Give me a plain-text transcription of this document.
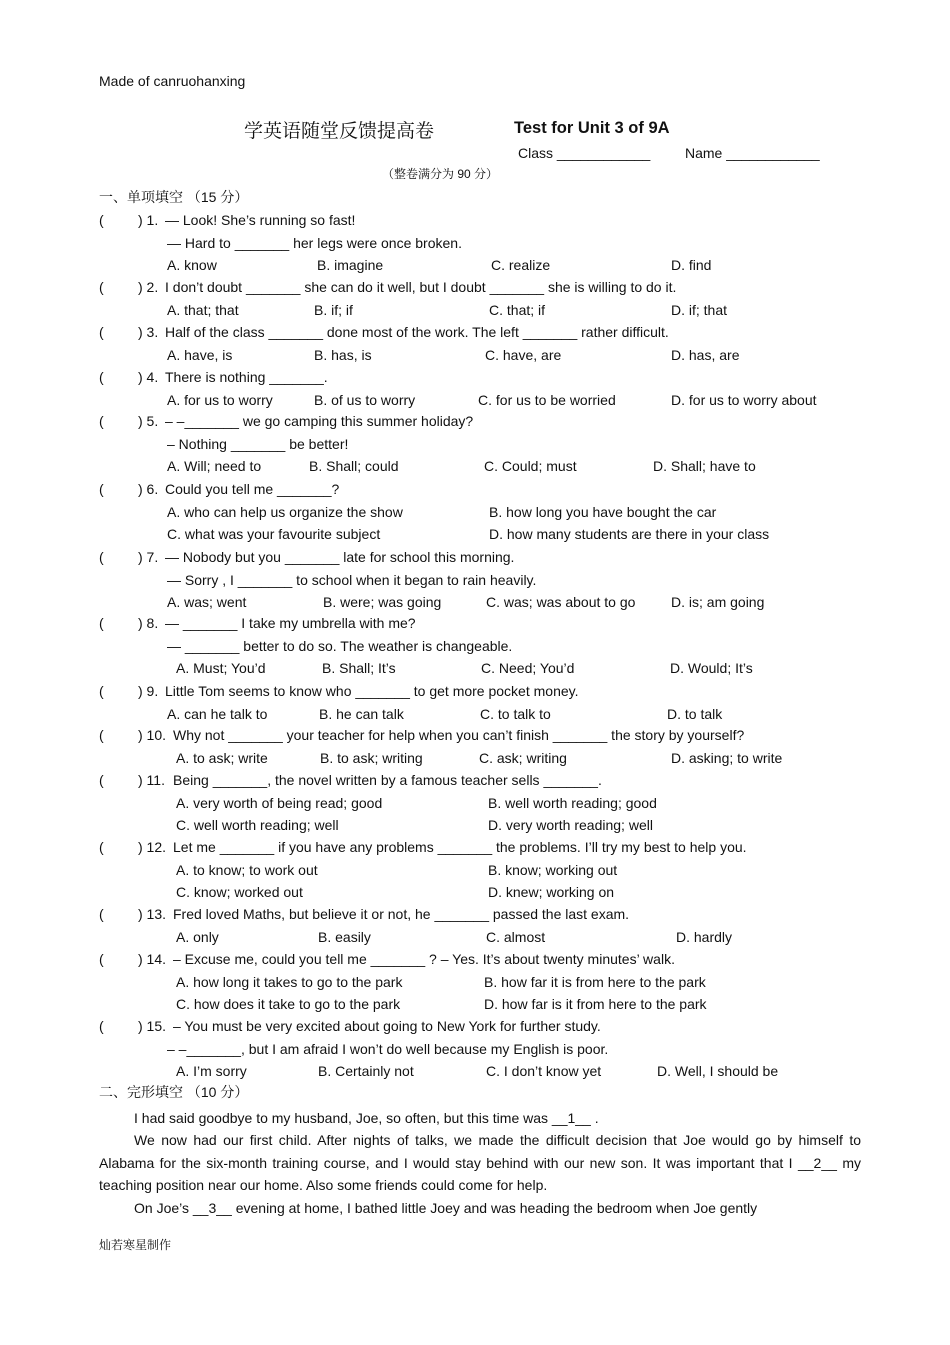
Made of canruohanxing
学英语随堂反馈提高卷	Test for Unit 3 of 9A
Class ____________ Name ____________
（整卷满分为 90 分）
一、单项填空 （15 分）
( ) 1. — Look! She’s running so fast!
— Hard to _______ her legs were once broken.
A. know	B. imagine	C. realize	D. find
( ) 2. I don’t doubt _______ she can do it well, but I doubt _______ she is willing to do it.
A. that; that	B. if; if	C. that; if	D. if; that
( ) 3. Half of the class _______ done most of the work. The left _______ rather difficult.
A. have, is	B. has, is	C. have, are	D. has, are
( ) 4. There is nothing _______.
A. for us to worry	B. of us to worry	C. for us to be worried	D. for us to worry about
( ) 5. – –_______ we go camping this summer holiday?
– Nothing _______ be better!
A. Will; need to	B. Shall; could	C. Could; must	D. Shall; have to
( ) 6. Could you tell me _______?
A. who can help us organize the show	B. how long you have bought the car
C. what was your favourite subject	D. how many students are there in your class
( ) 7. — Nobody but you _______ late for school this morning.
— Sorry , I _______ to school when it began to rain heavily.
A. was; went	B. were; was going	C. was; was about to go	D. is; am going
( ) 8. — _______ I take my umbrella with me?
— _______ better to do so. The weather is changeable.
A. Must; You’d	B. Shall; It’s	C. Need; You’d	D. Would; It’s
( ) 9. Little Tom seems to know who _______ to get more pocket money.
A. can he talk to	B. he can talk	C. to talk to	D. to talk
( ) 10. Why not _______ your teacher for help when you can’t finish _______ the story by yourself?
A. to ask; write	B. to ask; writing	C. ask; writing	D. asking; to write
( ) 11. Being _______, the novel written by a famous teacher sells _______.
A. very worth of being read; good	B. well worth reading; good
C. well worth reading; well	D. very worth reading; well
( ) 12. Let me _______ if you have any problems _______ the problems. I’ll try my best to help you.
A. to know; to work out	B. know; working out
C. know; worked out	D. knew; working on
( ) 13. Fred loved Maths, but believe it or not, he _______ passed the last exam.
A. only	B. easily	C. almost	D. hardly
( ) 14. – Excuse me, could you tell me _______ ? – Yes. It’s about twenty minutes’ walk.
A. how long it takes to go to the park	B. how far it is from here to the park
C. how does it take to go to the park	D. how far is it from here to the park
( ) 15. – You must be very excited about going to New York for further study.
– –_______, but I am afraid I won’t do well because my English is poor.
A. I’m sorry	B. Certainly not	C. I don’t know yet	D. Well, I should be
二、完形填空 （10 分）
I had said goodbye to my husband, Joe, so often, but this time was __1__ .
We now had our first child. After nights of talks, we made the difficult decision that Joe would go by himself to Alabama for the six-month training course, and I would stay behind with our new son. It was important that I __2__ my teaching position near our home. Also some friends could come for help.
On Joe’s __3__ evening at home, I bathed little Joey and was heading the bedroom when Joe gently
灿若寒星制作
